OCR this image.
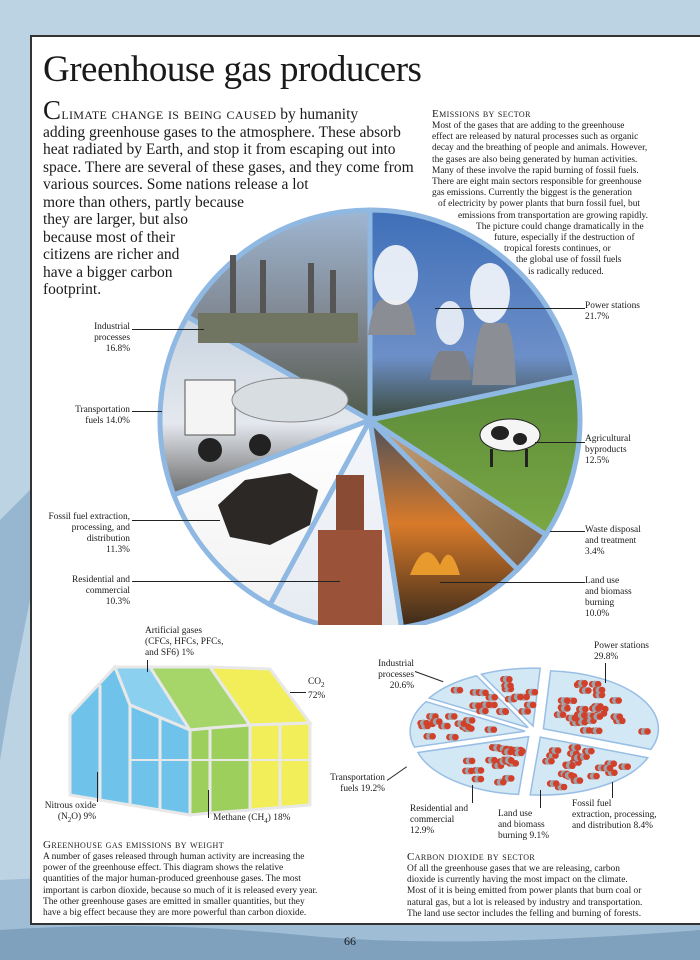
Greenhouse gas producers

Climate change is being caused by humanity
adding greenhouse gases to the atmosphere. These absorb
heat radiated by Earth, and stop it from escaping out into
space. There are several of these gases, and they come from
various sources. Some nations release a lot
more than others, partly because
they are larger, but also
because most of their
citizens are richer and
have a bigger carbon
footprint.

Emissions by sector

Most of the gases that are adding to the greenhouse
effect are released by natural processes such as organic
decay and the breathing of people and animals. However,
the gases are also being generated by human activities.
Many of these involve the rapid burning of fossil fuels.
There are eight main sectors responsible for greenhouse
gas emissions. Currently the biggest is the generation
of electricity by power plants that burn fossil fuel, but
emissions from transportation are growing rapidly.
The picture could change dramatically in the
future, especially if the destruction of
tropical forests continues, or
the global use of fossil fuels
is radically reduced.

Power stations
21.7%
Agricultural
byproducts
12.5%
Waste disposal
and treatment
3.4%
Land use
and biomass
burning
10.0%
Residential and
commercial
10.3%
Fossil fuel extraction,
processing, and
distribution
11.3%
Transportation
fuels 14.0%
Industrial
processes
16.8%
Artificial gases
(CFCs, HFCs, PFCs,
and SF6) 1%
$CO_2$
72%
Nitrous oxide
$(N_2O)$ 9%	Methane $(CH_4)$ 18%
Industrial
processes
20.6%
Power stations
29.8%
Transportation
fuels 19.2%
Residential and
commercial
12.9%
Land use
and biomass
burning 9.1%
Fossil fuel
extraction, processing,
and distribution 8.4%

Greenhouse gas emissions by weight

A number of gases released through human activity are increasing the
power of the greenhouse effect. This diagram shows the relative
quantities of the major human-produced greenhouse gases. The most
important is carbon dioxide, because so much of it is released every year.
The other greenhouse gases are emitted in smaller quantities, but they
have a big effect because they are more powerful than carbon dioxide.

Carbon dioxide by sector

Of all the greenhouse gases that we are releasing, carbon
dioxide is currently having the most impact on the climate.
Most of it is being emitted from power plants that burn coal or
natural gas, but a lot is released by industry and transportation.
The land use sector includes the felling and burning of forests.

66
